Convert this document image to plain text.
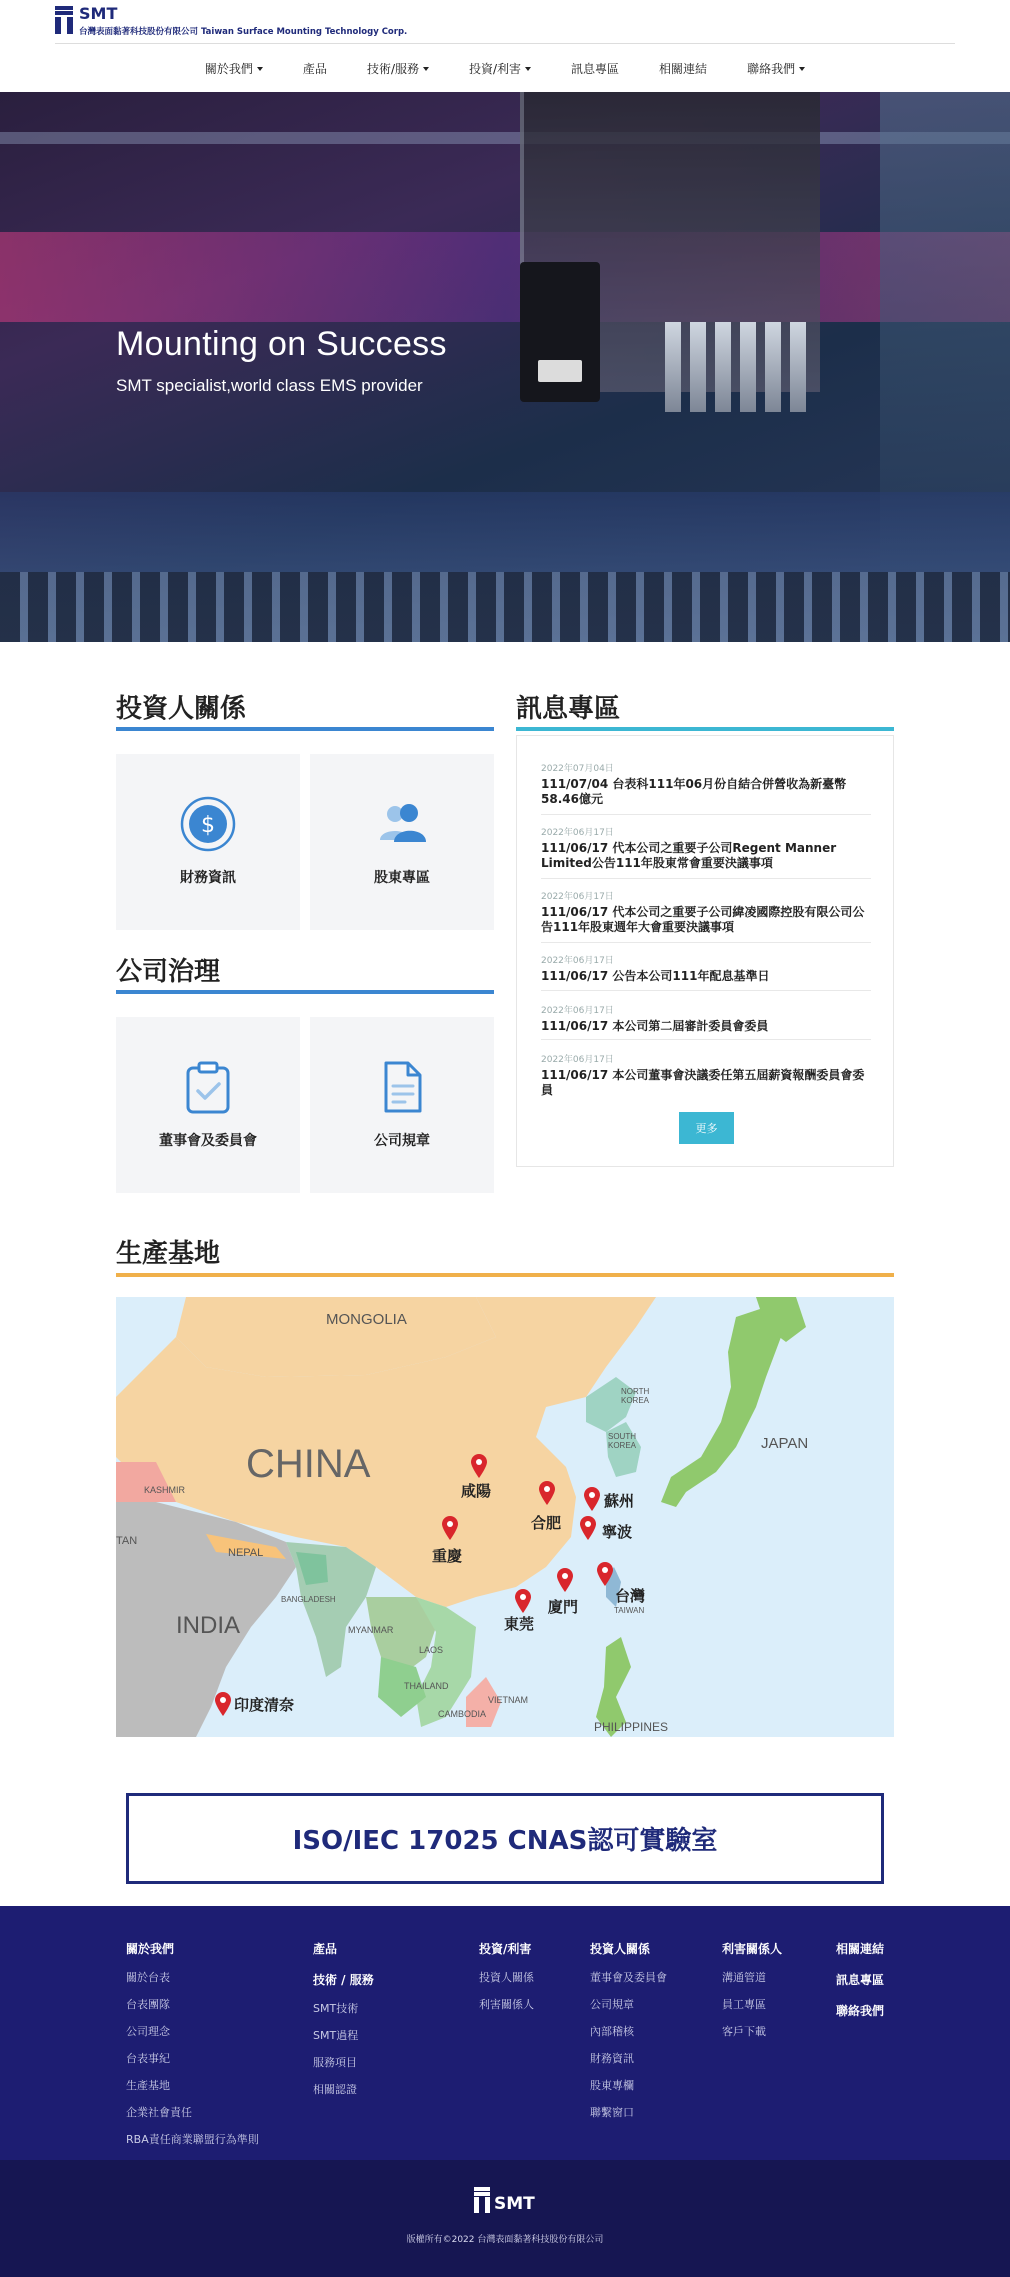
SMT
台灣表面黏著科技股份有限公司 Taiwan Surface Mounting Technology Corp.
關於我們	產品	技術/服務	投資/利害	訊息專區	相關連結	聯絡我們
Mounting on Success
SMT specialist,world class EMS provider
投資人關係
$
財務資訊	股東專區
公司治理
董事會及委員會	公司規章
訊息專區
2022年07月04日
111/07/04 台表科111年06月份自結合併營收為新臺幣58.46億元
2022年06月17日
111/06/17 代本公司之重要子公司Regent Manner Limited公告111年股東常會重要決議事項
2022年06月17日
111/06/17 代本公司之重要子公司緯凌國際控股有限公司公告111年股東週年大會重要決議事項
2022年06月17日
111/06/17 公告本公司111年配息基準日
2022年06月17日
111/06/17 本公司第二屆審計委員會委員
2022年06月17日
111/06/17 本公司董事會決議委任第五屆薪資報酬委員會委員
更多
生產基地
MONGOLIA
CHINA
INDIA
JAPAN
NORTH KOREA
SOUTH KOREA
KASHMIR
NEPAL
BANGLADESH
MYANMAR
LAOS
THAILAND
VIETNAM
CAMBODIA
PHILIPPINES
TAIWAN
TAN
咸陽
合肥
蘇州
寧波
重慶
台灣
廈門
東莞
印度清奈
ISO/IEC 17025 CNAS認可實驗室
關於我們
關於台表
台表團隊
公司理念
台表事紀
生產基地
企業社會責任
RBA責任商業聯盟行為準則
產品
技術 / 服務
SMT技術
SMT過程
服務項目
相關認證
投資/利害
投資人關係
利害關係人
投資人關係
董事會及委員會
公司規章
內部稽核
財務資訊
股東專欄
聯繫窗口
利害關係人
溝通管道
員工專區
客戶下載
相關連結
訊息專區
聯絡我們
SMT
版權所有©2022 台灣表面黏著科技股份有限公司
